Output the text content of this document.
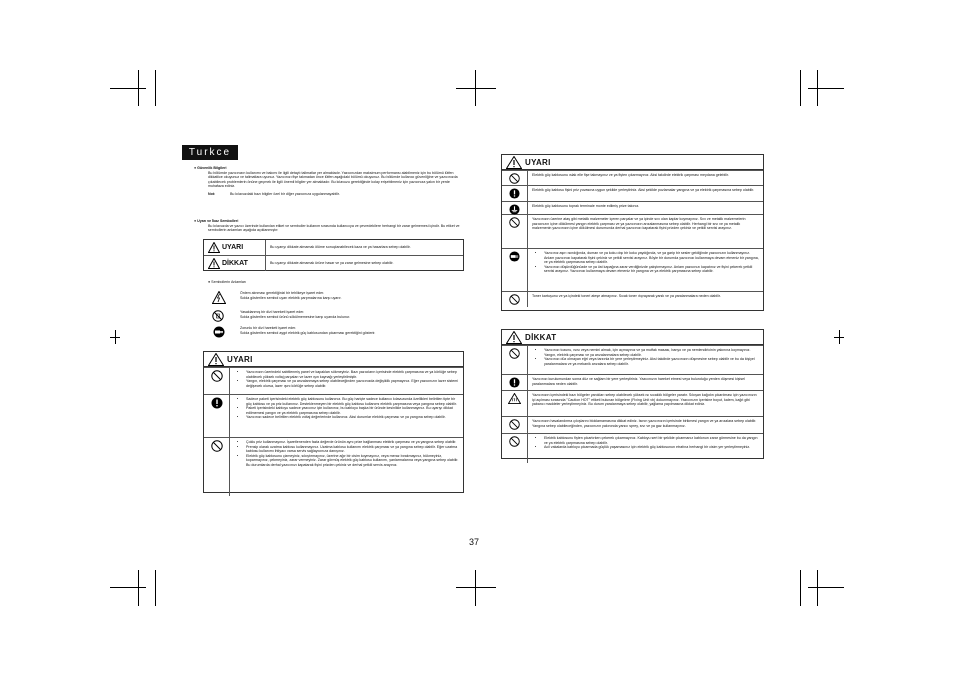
Turkce
● Güvenlik Bilgileri
Bu bölümde yazıcınızın kullanımı ve bakımı ile ilgili detaylı talimatlar yer almaktadır. Yazıcınızdan maksimum performansı alabilmeniz için bu bölümü lütfen dikkatlice okuyunuz ve talimatlara uyunuz. Yazıcınızı fişe takmadan önce lütfen aşağıdaki bölümü okuyunuz. Bu bölümde kullanıcı güvenliğine ve yazıcınızda çıkabilecek problemlerin önüne geçmek ile ilgili önemli bilgiler yer almaktadır. Bu kılavuzu gerektiğinde kolay erişebilmeniz için yazıcınıza yakın bir yerde muhafaza ediniz.
Not:	Bu kılavuzdaki bazı bilgiler özel bir diğer yazıcınıza uygulanmayabilir.
● Uyarı ve İkaz Sembolleri
Bu kılavuzda ve yazıcı üzerinde kullanılan etiket ve semboller kullanım sırasında kullanıcıya ve çevredekilere herhangi bir zarar gelmemesi içindir. Bu etiket ve sembollerin anlamları aşağıda açıklanmıştır:
UYARI	Bu uyarıyı dikkate almamak ölüme sonuçlanabilecek kaza ve ya hasarlara sebep olabilir.
DİKKAT	Bu uyarıyı dikkate almamak ürüne hasar ve ya zarar gelmesine sebep olabilir.
● Sembollerin Anlamları
Önlem alınması gerektiğinizi bir tehlikeye işaret eder.
Solda gösterilen sembol uyarı elektrik çarpmalarına karşı uyarır.
Yasaklanmış bir dizi hareketi işaret eder.
Solda gösterilen sembol ürünü sökülmemesine karşı uyarıda bulunur.
Zorunlu bir dizi hareketi işaret eder.
Solda gösterilen sembol aygıt elektrik güç kablosundan çıkarması gerektiğini gösterir.
UYARI
• Yazıcınızın üzerindeki sabitlenmiş panel ve kapakları sökmeyiniz. Bazı yazıcıların içerisinde elektrik çarpmasına ve ya körlüğe sebep olabilecek yüksek voltaj parçaları ve lazer ışın kaynağı yerleştirilmiştir.
• Yangın, elektrik çarpması ve ya arızalanmaya sebep olabileceğinden yazıcınızda değişiklik yapmayınız. Eğer yazıcınızın lazer sistemi değişecek olursa, lazer ışını körlüğe sebep olabilir.
• Sadece paketi içerisindeki elektrik güç kablosunu kullanınız. Bu güç hariçte sadece kullanıcı kılavuzunda özellikleri belirtilen tipte bir güç kablosu ve ya priz kullanınız. Desteklenmeyen bir elektrik güç kablosu kullanımı elektrik çarpmasına veya yangına sebep olabilir.
• Paketi içerisindeki kabloyu sadece yazıcınız için kullanınız, bu kabloyu başka bir üründe kesinlikle kullanmayınız. Bu uyarıyı dikkat edilmemesi yangın ve ya elektrik çarpmasına sebep olabilir.
• Yazıcınızı sadece belirtilen elektrik voltaj değerlerinde kullanınız. Aksi durumlar elektrik çarpması ve ya yangına sebep olabilir.
• Çoklu priz kullanmayınız. İşaretlenenden fazla değerde ürünün aynı prize bağlanması elektrik çarpması ve ya yangına sebep olabilir.
• Prensip olarak uzatma kablosu kullanmayınız. Uzatma kablosu kullanımı elektrik çarpması ve ya yangına sebep olabilir. Eğer uzatma kablosu kullanımı ihtiyacı varsa servis sağlayıcınıza danışınız.
• Elektrik güç kablosunu çizmeyiniz, sıkıştırmayınız, üzerine ağır bir cisim koymayınız, veya meraz bırakmayınız, bükmeyiniz, koparmayınız, çekmeyiniz, zarar vermeyiniz. Zarar görmüş elektrik güç kablosu kullanımı, yanlarmalarına veya yangına sebep olabilir. Bu durumlarda derhal yazıcınızı kapatarak fişini prizden çekiniz ve derhal yetkili servis arayınız.
UYARI
Elektrik güç kablosunu ıslak elle fişe takmayınız ve ya fişten çıkarmayınız. Aksi takdirde elektrik çarpması meydana gelebilir.
Elektrik güç kablosu fişini priz yuvasına uygun şekilde yerleştiriniz. Aksi şekilde pozlamalar yangına ve ya elektrik çarpmasına sebep olabilir.
Elektrik güç kablosunu toprak terminale monte edilmiş prize takınız.
Yazıcınızın üzerine ataş gibi metalik malzemeler içeren parçalar ve ya içinde sıvı olan kaplar koymayınız. Sıvı ve metalik malzemelerin yazıcınızın içine dökülmesi yangın elektrik çarpması ve ya yazıcınızın arızalanmasına sebep olabilir. Herhangi bir sıvı ve ya metalik malzemenin yazıcınızın içine dökülmesi durumunda derhal yazıcınızı kapatarak fişini prizden çekiniz ve yetkili servisi arayınız.
• Yazıcınız aşırı ısındığında, duman ve ya koku dışı bir koku yaydığında, ve ya garip bir sesler geldiğinde yazıcınızın kullanmayınız. Anlam yazıcınızı kapatarak fişini çekiniz ve yetkili servisi arayınız. Böyle bir durumda yazıcınızı kullanmaya devam etmeniz bir yangına, ve ya elektrik çarpmasına sebep olabilir.
• Yazıcınızı düşürdüğünüzde ve ya üst kapağına zarar verdiğinizde çalıştırmayınız. Anlam yazıcınızı kapatınız ve fişini çekerek yetkili servisi arayınız. Yazıcınızı kullanmaya devam etmeniz bir yangına ve ya elektrik çarpmasına sebep olabilir.
Toner kartuşunu ve ya içindeki toneri ateşe atmayınız. Sıcak toner ıtıçrayarak yanık ve ya yaralanmalara neden olabilir.
DİKKAT
• Yazıcınızı tozunu, ısısı veya nemini almak, için açmayınız ve ya mutfak masası, banyo ve ya nemlendiricinin yakınına koymayınız. Yangın, elektrik çarpması ve ya arızalanmalara sebep olabilir.
• Yazıcınızı düz olmayan eğri veya tarzınla bir yere yerleştirmeyiniz. Aksi takdirde yazıcınızın düşmesine sebep olabilir ve bu da kişiyel yaralanmalara ve ya mekanik arızalara sebep olabilir.
Yazıcınızı kurulumundan sonra düz ve sağlam bir yere yerleştiriniz. Yazıcınızın hareket etmesi veya bulunduğu yerden düşmesi kişisel yaralanmalara neden olabilir.
Yazıcınızın içerisindeki bazı bölgeler yanıkları sebep olabilecek yüksek ısı sıcaklık bölgeler yaratır. Sıkışan kağıdın çıkarılması için yazıcınızın içi açılması sırasında "Caution HOT" etiketi bulunan bölgelere (Fixing Unit vb) dokunmayınız. Yazıcınızın içerisine boyut, kalem, kağıt gibi yabancı maddeler yerleştirmeyiniz. Bu durum yaralanmaya sebep olabilir, yağlama yapılmasına dikkat ediniz.
Yazıcınızın havalandırma çıkışlarını bloklamamasına dikkat ediniz. Isının yazıcınızın içerisinde birikmesi yangın ve ya arızalara sebep olabilir. Yangına sebep olabileceğinden, yazıcınızın yakınında yanıcı sprey, sıvı ve ya gaz kullanmayınız.
• Elektrik kablosunu fişten çıkartırken çekerek çıkarmayınız. Kabloyu sert bir şekilde çıkarmanız kablonun zarar görmesine bu da yangın ve ya elektrik çarpmasına sebep olabilir.
• Acil vakalarda kabloyu çıkarmada güçlük yaşamasınız için elektrik güç kablosunun etrafına herhangi bir cisim yer yerleştirmeyiniz.
37
